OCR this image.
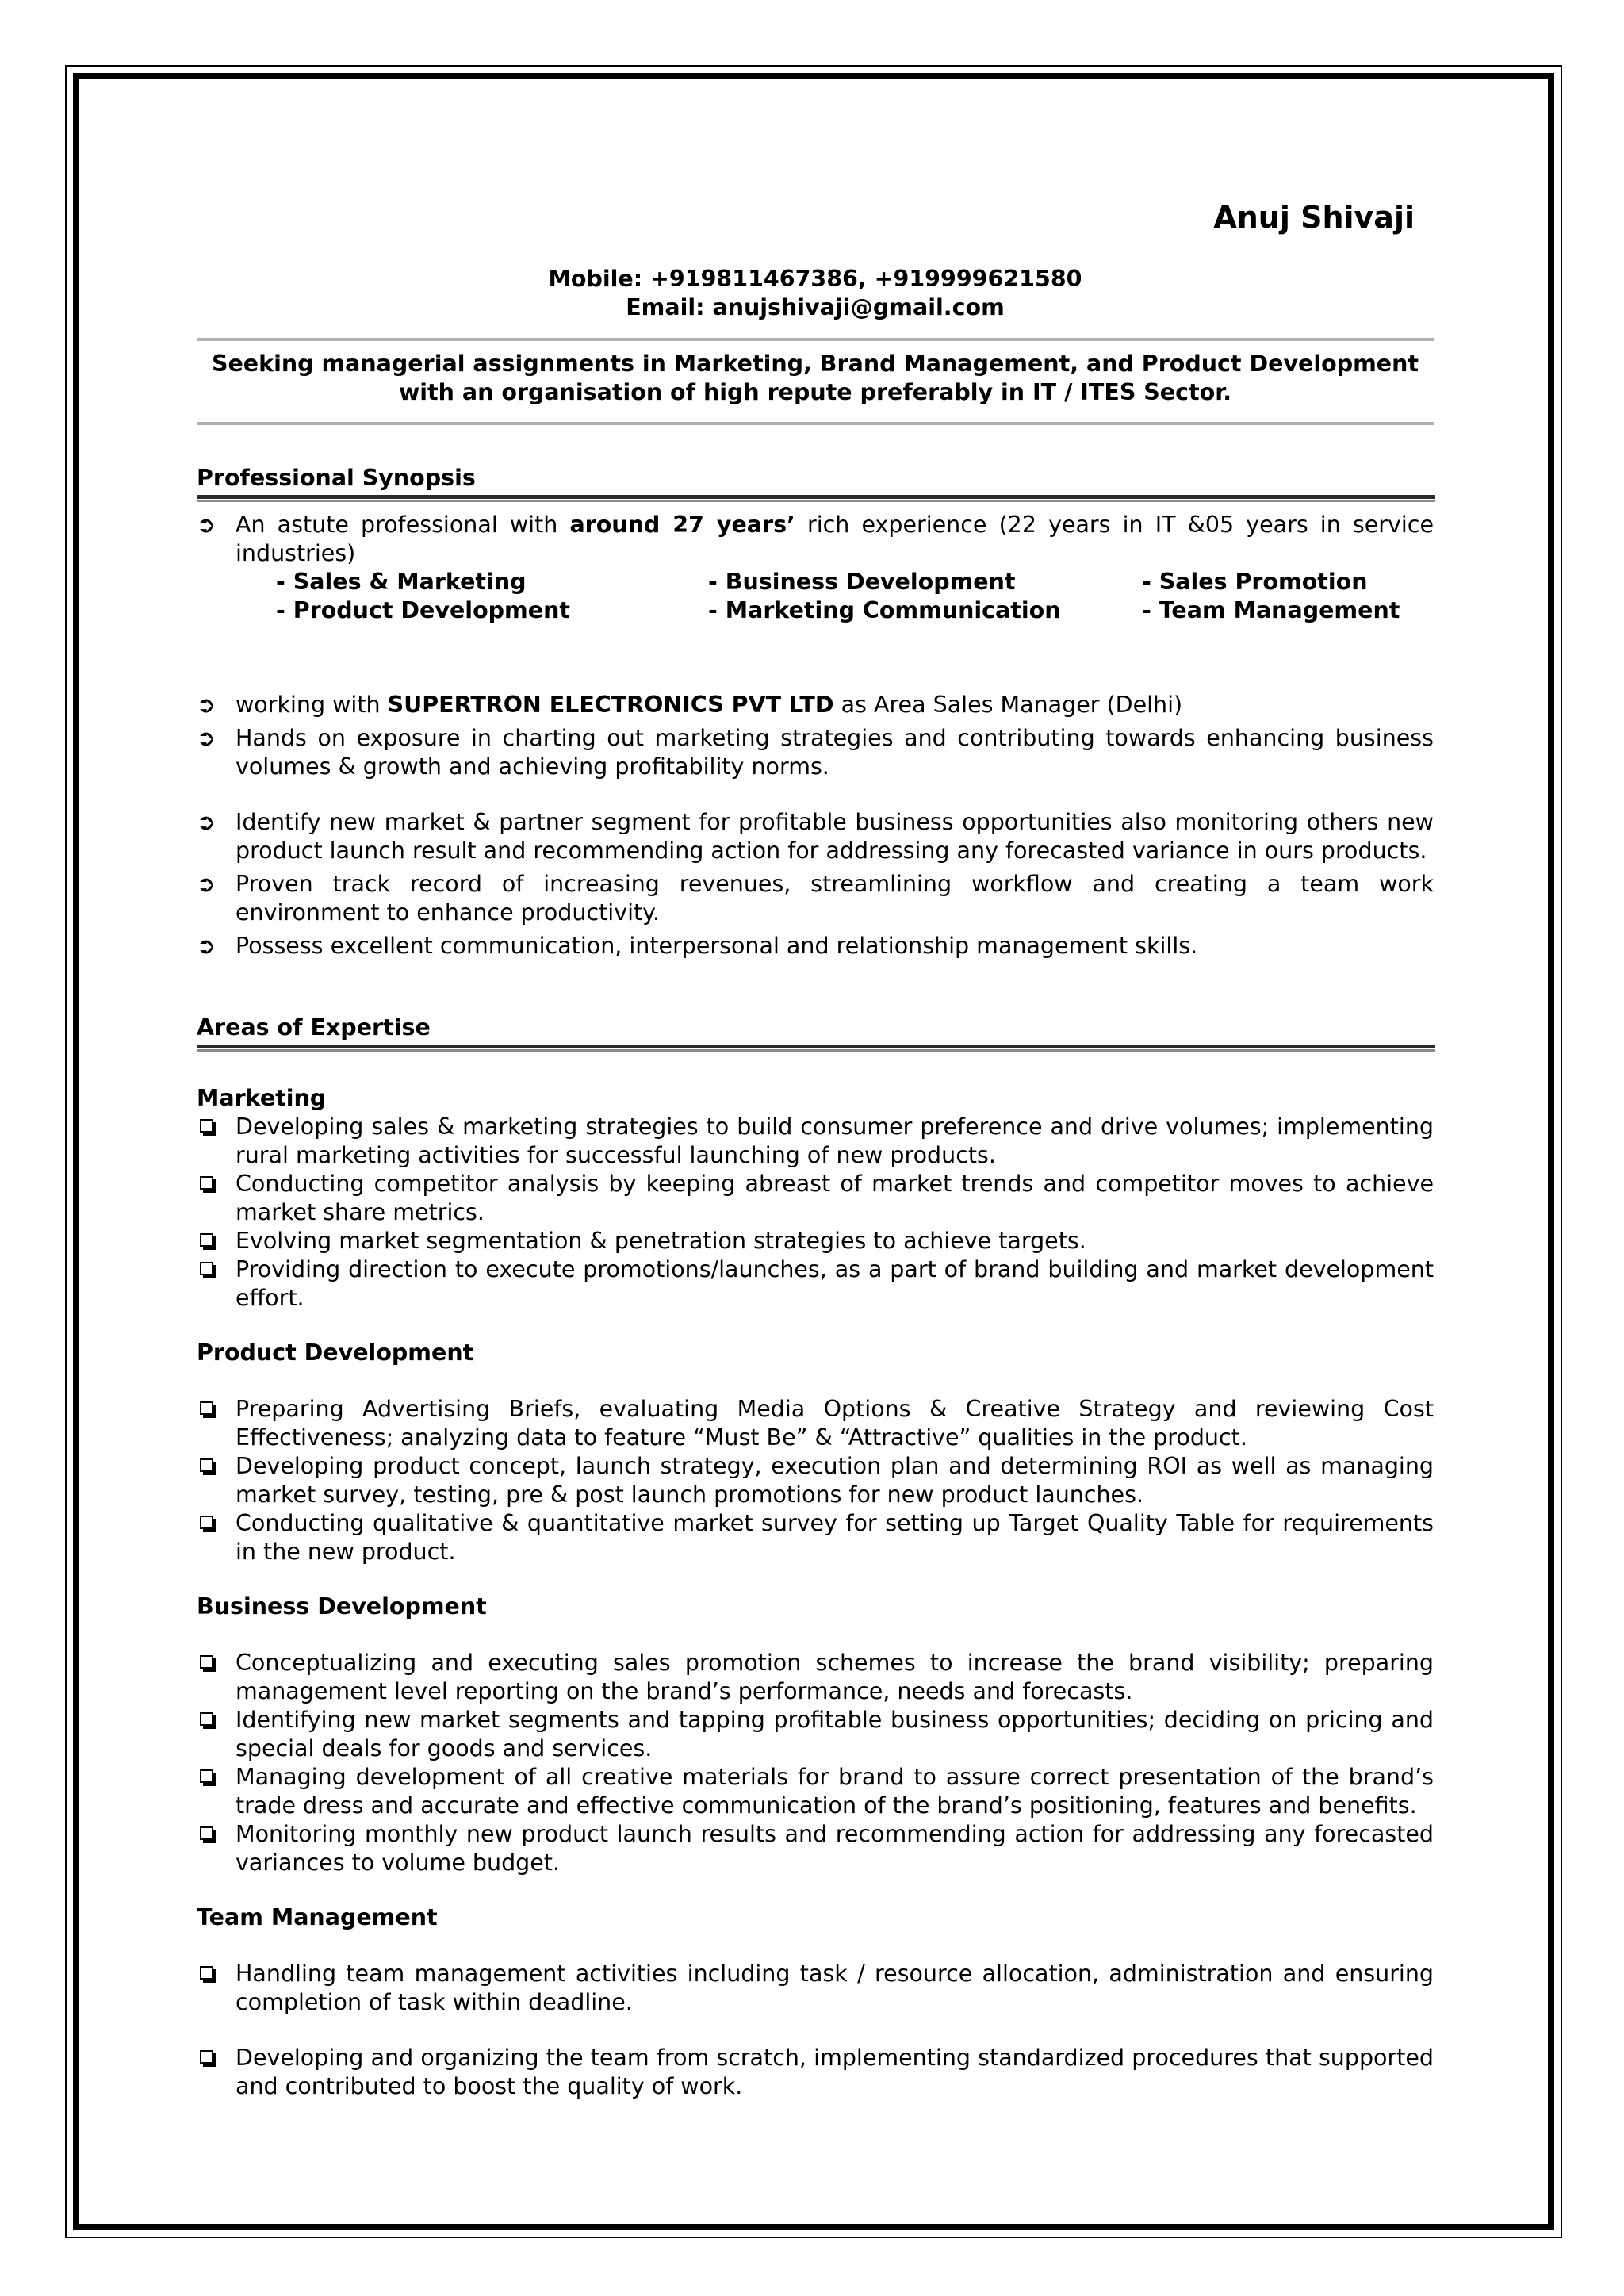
Anuj Shivaji
Mobile: +919811467386, +919999621580
Email: anujshivaji@gmail.com
Seeking managerial assignments in Marketing, Brand Management, and Product Development
with an organisation of high repute preferably in IT / ITES Sector.
Professional Synopsis
➲ An astute professional with around 27 years’ rich experience (22 years in IT &05 years in service industries)
- Sales & Marketing	- Business Development	- Sales Promotion
- Product Development	- Marketing Communication	- Team Management
➲ working with SUPERTRON ELECTRONICS PVT LTD as Area Sales Manager (Delhi)
➲ Hands on exposure in charting out marketing strategies and contributing towards enhancing business volumes & growth and achieving profitability norms.
➲ Identify new market & partner segment for profitable business opportunities also monitoring others new product launch result and recommending action for addressing any forecasted variance in ours products.
➲ Proven track record of increasing revenues, streamlining workflow and creating a team work environment to enhance productivity.
➲ Possess excellent communication, interpersonal and relationship management skills.
Areas of Expertise
Marketing
Developing sales & marketing strategies to build consumer preference and drive volumes; implementing rural marketing activities for successful launching of new products.
Conducting competitor analysis by keeping abreast of market trends and competitor moves to achieve market share metrics.
Evolving market segmentation & penetration strategies to achieve targets.
Providing direction to execute promotions/launches, as a part of brand building and market development effort.
Product Development
Preparing Advertising Briefs, evaluating Media Options & Creative Strategy and reviewing Cost Effectiveness; analyzing data to feature “Must Be” & “Attractive” qualities in the product.
Developing product concept, launch strategy, execution plan and determining ROI as well as managing market survey, testing, pre & post launch promotions for new product launches.
Conducting qualitative & quantitative market survey for setting up Target Quality Table for requirements in the new product.
Business Development
Conceptualizing and executing sales promotion schemes to increase the brand visibility; preparing management level reporting on the brand’s performance, needs and forecasts.
Identifying new market segments and tapping profitable business opportunities; deciding on pricing and special deals for goods and services.
Managing development of all creative materials for brand to assure correct presentation of the brand’s trade dress and accurate and effective communication of the brand’s positioning, features and benefits.
Monitoring monthly new product launch results and recommending action for addressing any forecasted variances to volume budget.
Team Management
Handling team management activities including task / resource allocation, administration and ensuring completion of task within deadline.
Developing and organizing the team from scratch, implementing standardized procedures that supported and contributed to boost the quality of work.
